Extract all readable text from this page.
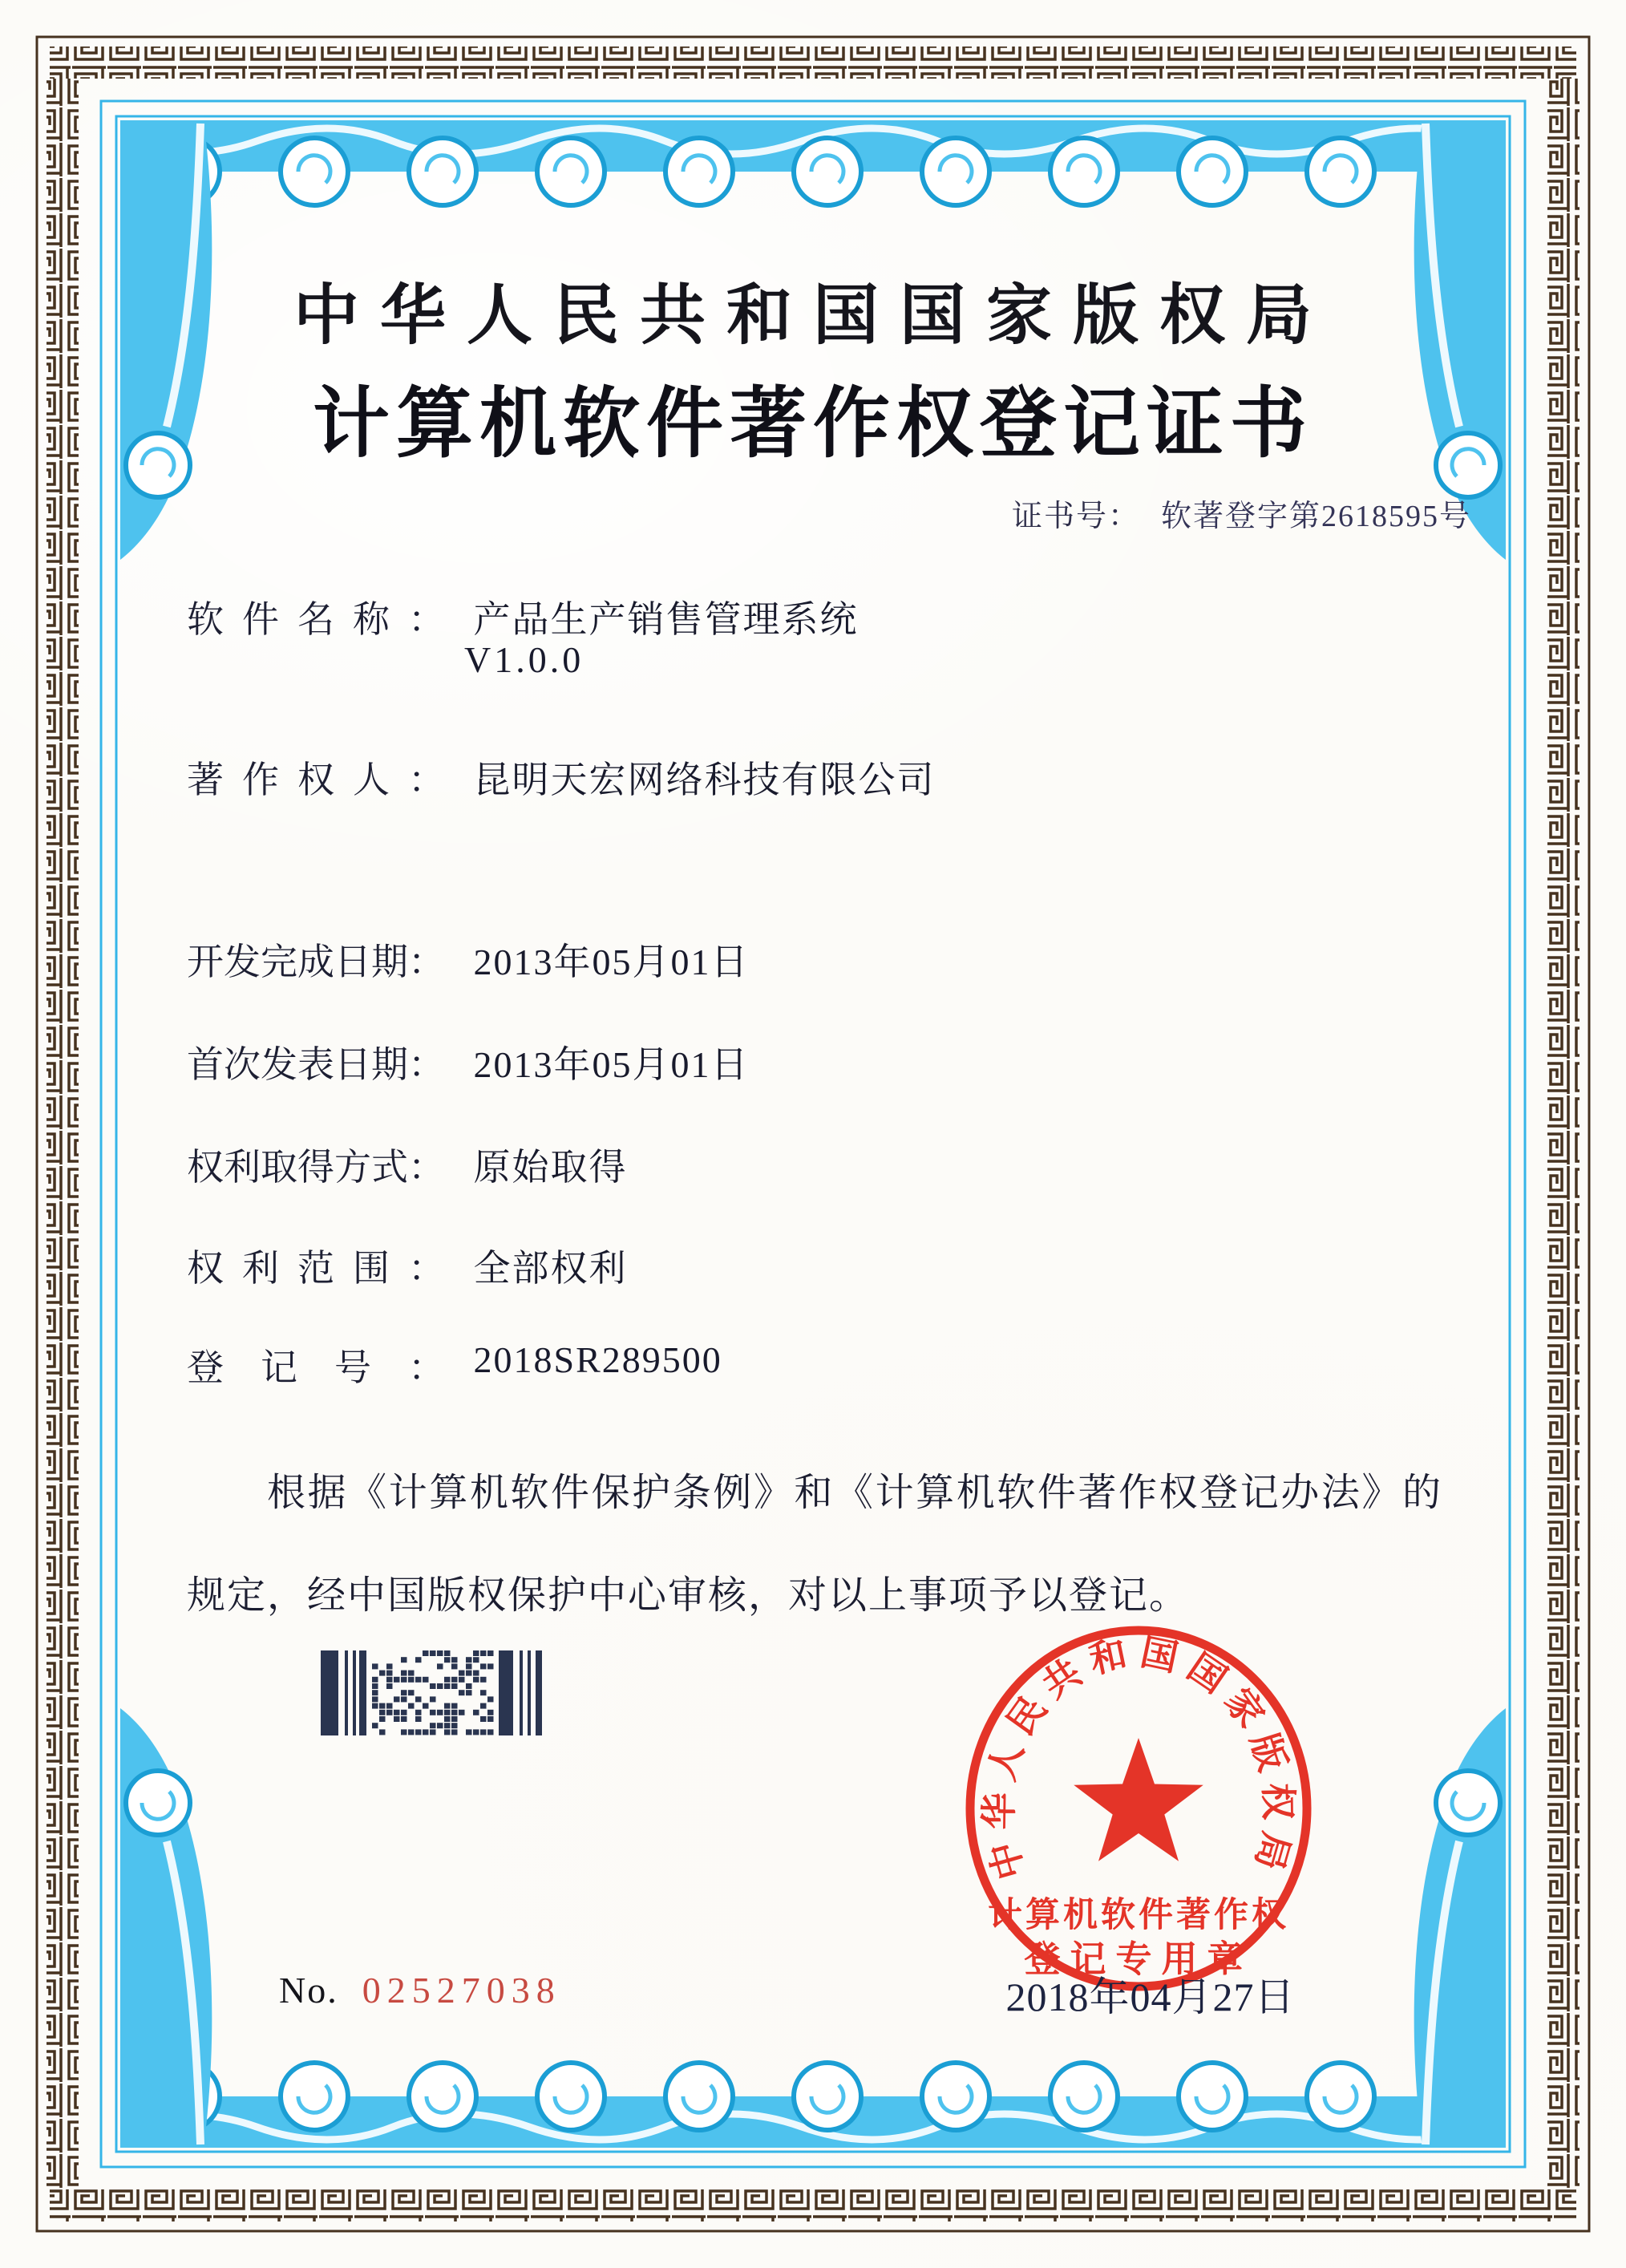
中华人民共和国国家版权局
计算机软件著作权
登记专用章
中华人民共和国国家版权局
计算机软件著作权登记证书
证书号： 软著登字第2618595号
软件名称： 产品生产销售管理系统
V1.0.0
著作权人： 昆明天宏网络科技有限公司
开发完成日期： 2013年05月01日
首次发表日期： 2013年05月01日
权利取得方式： 原始取得
权利范围： 全部权利
登记号： 2018SR289500
根据《计算机软件保护条例》和《计算机软件著作权登记办法》的规定，经中国版权保护中心审核，对以上事项予以登记。
2018年04月27日
No. 02527038
